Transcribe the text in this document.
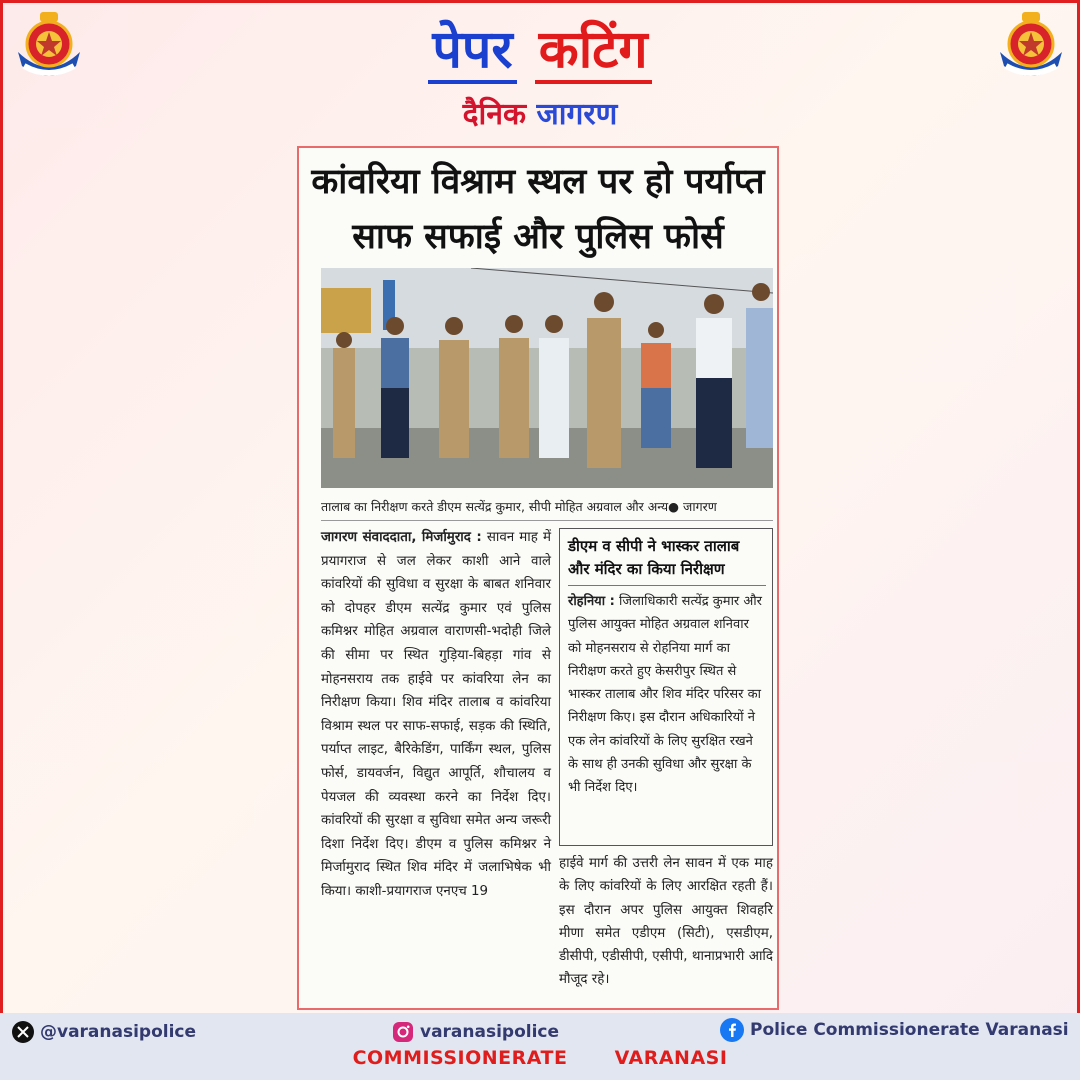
पेपर कटिंग
दैनिक जागरण
कांवरिया विश्राम स्थल पर हो पर्याप्त
साफ सफाई और पुलिस फोर्स
तालाब का निरीक्षण करते डीएम सत्येंद्र कुमार, सीपी मोहित अग्रवाल और अन्य● जागरण
जागरण संवाददाता, मिर्जामुराद : सावन माह में प्रयागराज से जल लेकर काशी आने वाले कांवरियों की सुविधा व सुरक्षा के बाबत शनिवार को दोपहर डीएम सत्येंद्र कुमार एवं पुलिस कमिश्नर मोहित अग्रवाल वाराणसी-भदोही जिले की सीमा पर स्थित गुड़िया-बिहड़ा गांव से मोहनसराय तक हाईवे पर कांवरिया लेन का निरीक्षण किया। शिव मंदिर तालाब व कांवरिया विश्राम स्थल पर साफ-सफाई, सड़क की स्थिति, पर्याप्त लाइट, बैरिकेडिंग, पार्किंग स्थल, पुलिस फोर्स, डायवर्जन, विद्युत आपूर्ति, शौचालय व पेयजल की व्यवस्था करने का निर्देश दिए। कांवरियों की सुरक्षा व सुविधा समेत अन्य जरूरी दिशा निर्देश दिए। डीएम व पुलिस कमिश्नर ने मिर्जामुराद स्थित शिव मंदिर में जलाभिषेक भी किया। काशी-प्रयागराज एनएच 19
डीएम व सीपी ने भास्कर तालाब और मंदिर का किया निरीक्षण
रोहनिया : जिलाधिकारी सत्येंद्र कुमार और पुलिस आयुक्त मोहित अग्रवाल शनिवार को मोहनसराय से रोहनिया मार्ग का निरीक्षण करते हुए केसरीपुर स्थित से भास्कर तालाब और शिव मंदिर परिसर का निरीक्षण किए। इस दौरान अधिकारियों ने एक लेन कांवरियों के लिए सुरक्षित रखने के साथ ही उनकी सुविधा और सुरक्षा के भी निर्देश दिए।
हाईवे मार्ग की उत्तरी लेन सावन में एक माह के लिए कांवरियों के लिए आरक्षित रहती हैं। इस दौरान अपर पुलिस आयुक्त शिवहरि मीणा समेत एडीएम (सिटी), एसडीएम, डीसीपी, एडीसीपी, एसीपी, थानाप्रभारी आदि मौजूद रहे।
@varanasipolice	varanasipolice	Police Commissionerate Varanasi
COMMISSIONERATE VARANASI
